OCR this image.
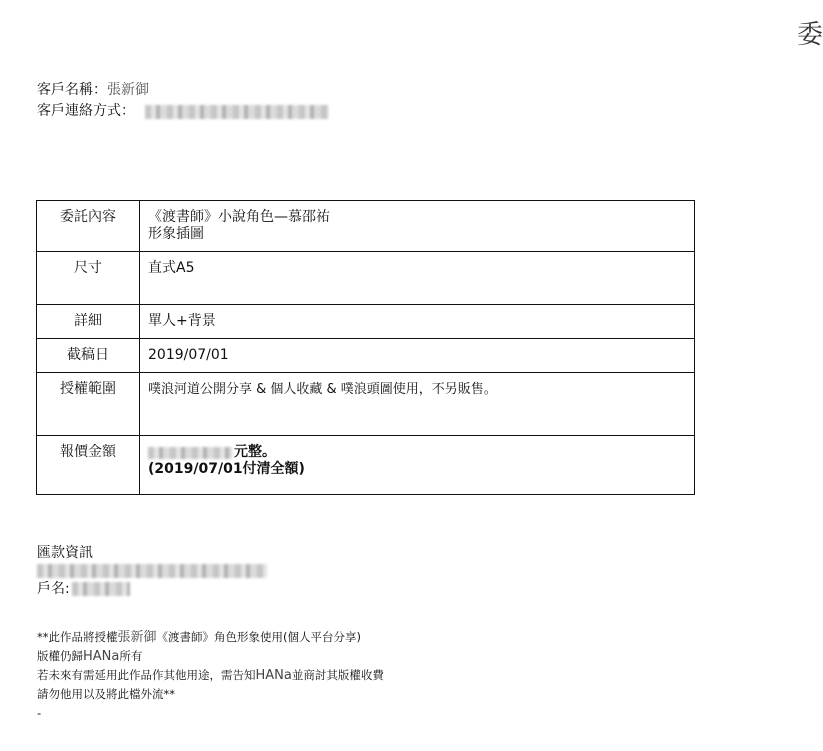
委
客戶名稱： 張新御
客戶連絡方式：
委託內容	《渡書師》小說角色—慕邵祐
形象插圖

尺寸	直式A5
詳細	單人+背景
截稿日	2019/07/01
授權範圍	噗浪河道公開分享 & 個人收藏 & 噗浪頭圖使用，不另販售。
報價金額	元整。
(2019/07/01付清全額)
匯款資訊
戶名:
**此作品將授權張新御《渡書師》角色形象使用(個人平台分享)
版權仍歸HANa所有
若未來有需延用此作品作其他用途，需告知HANa並商討其版權收費
請勿他用以及將此檔外流**
-
